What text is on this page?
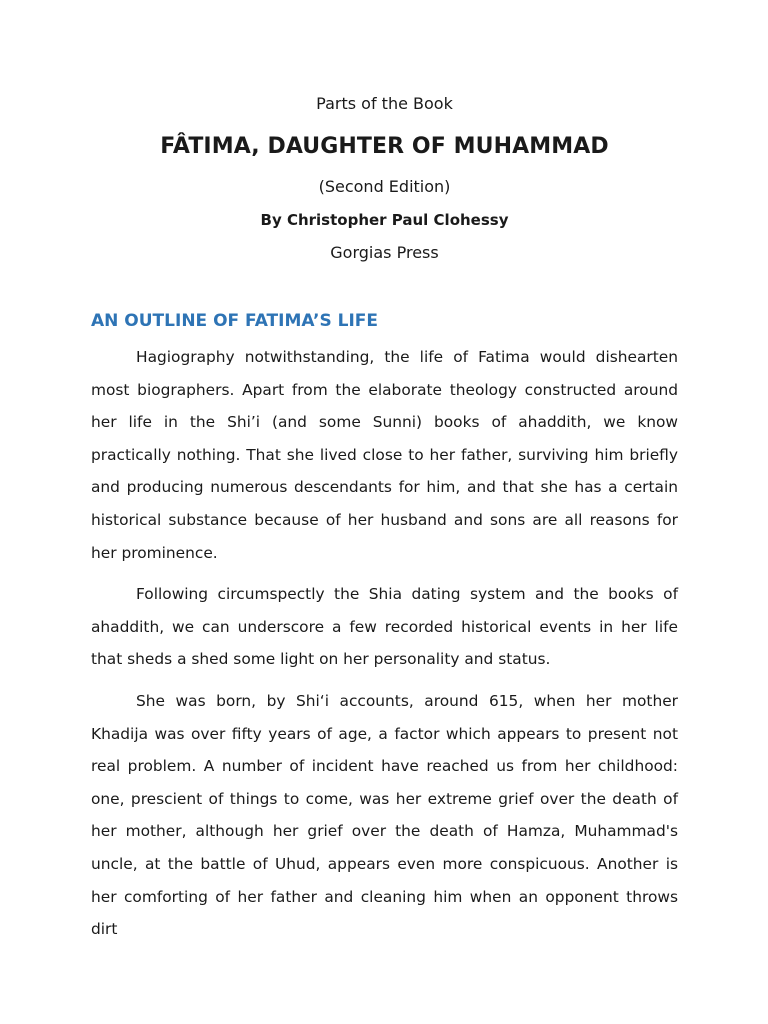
Parts of the Book

FÂTIMA, DAUGHTER OF MUHAMMAD

(Second Edition)

By Christopher Paul Clohessy

Gorgias Press

AN OUTLINE OF FATIMA’S LIFE

Hagiography notwithstanding, the life of Fatima would dishearten most biographers. Apart from the elaborate theology constructed around her life in the Shi’i (and some Sunni) books of ahaddith, we know practically nothing. That she lived close to her father, surviving him briefly and producing numerous descendants for him, and that she has a certain historical substance because of her husband and sons are all reasons for her prominence.

Following circumspectly the Shia dating system and the books of ahaddith, we can underscore a few recorded historical events in her life that sheds a shed some light on her personality and status.

She was born, by Shi‘i accounts, around 615, when her mother Khadija was over fifty years of age, a factor which appears to present not real problem. A number of incident have reached us from her childhood: one, prescient of things to come, was her extreme grief over the death of her mother, although her grief over the death of Hamza, Muhammad's uncle, at the battle of Uhud, appears even more conspicuous. Another is her comforting of her father and cleaning him when an opponent throws dirt
